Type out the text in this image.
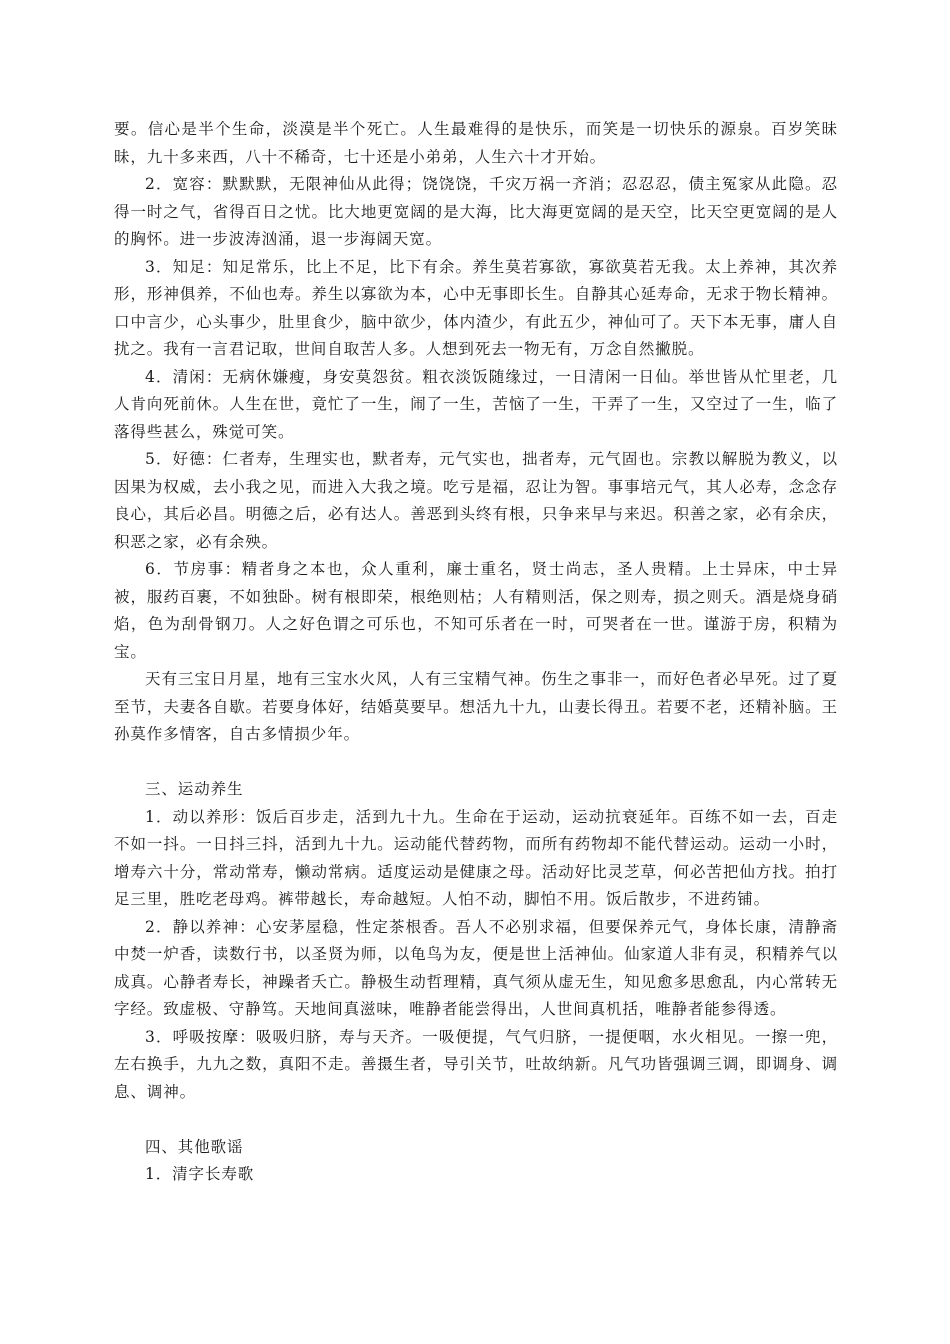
要。信心是半个生命，淡漠是半个死亡。人生最难得的是快乐，而笑是一切快乐的源泉。百岁笑昧昧，九十多来西，八十不稀奇，七十还是小弟弟，人生六十才开始。

2．宽容：默默默，无限神仙从此得；饶饶饶，千灾万祸一齐消；忍忍忍，债主冤家从此隐。忍得一时之气，省得百日之忧。比大地更宽阔的是大海，比大海更宽阔的是天空，比天空更宽阔的是人的胸怀。进一步波涛汹涌，退一步海阔天宽。

3．知足：知足常乐，比上不足，比下有余。养生莫若寡欲，寡欲莫若无我。太上养神，其次养形，形神俱养，不仙也寿。养生以寡欲为本，心中无事即长生。自静其心延寿命，无求于物长精神。口中言少，心头事少，肚里食少，脑中欲少，体内渣少，有此五少，神仙可了。天下本无事，庸人自扰之。我有一言君记取，世间自取苦人多。人想到死去一物无有，万念自然撇脱。

4．清闲：无病休嫌瘦，身安莫怨贫。粗衣淡饭随缘过，一日清闲一日仙。举世皆从忙里老，几人肯向死前休。人生在世，竟忙了一生，闹了一生，苦恼了一生，干弄了一生，又空过了一生，临了落得些甚么，殊觉可笑。

5．好德：仁者寿，生理实也，默者寿，元气实也，拙者寿，元气固也。宗教以解脱为教义，以因果为权威，去小我之见，而进入大我之境。吃亏是福，忍让为智。事事培元气，其人必寿，念念存良心，其后必昌。明德之后，必有达人。善恶到头终有根，只争来早与来迟。积善之家，必有余庆，积恶之家，必有余殃。

6．节房事：精者身之本也，众人重利，廉士重名，贤士尚志，圣人贵精。上士异床，中士异被，服药百裹，不如独卧。树有根即荣，根绝则枯；人有精则活，保之则寿，损之则夭。酒是烧身硝焰，色为刮骨钢刀。人之好色谓之可乐也，不知可乐者在一时，可哭者在一世。谨游于房，积精为宝。

天有三宝日月星，地有三宝水火风，人有三宝精气神。伤生之事非一，而好色者必早死。过了夏至节，夫妻各自歇。若要身体好，结婚莫要早。想活九十九，山妻长得丑。若要不老，还精补脑。王孙莫作多情客，自古多情损少年。

三、运动养生

1．动以养形：饭后百步走，活到九十九。生命在于运动，运动抗衰延年。百练不如一去，百走不如一抖。一日抖三抖，活到九十九。运动能代替药物，而所有药物却不能代替运动。运动一小时，增寿六十分，常动常寿，懒动常病。适度运动是健康之母。活动好比灵芝草，何必苦把仙方找。拍打足三里，胜吃老母鸡。裤带越长，寿命越短。人怕不动，脚怕不用。饭后散步，不进药铺。

2．静以养神：心安茅屋稳，性定茶根香。吾人不必别求福，但要保养元气，身体长康，清静斋中焚一炉香，读数行书，以圣贤为师，以龟鸟为友，便是世上活神仙。仙家道人非有灵，积精养气以成真。心静者寿长，神躁者夭亡。静极生动哲理精，真气须从虚无生，知见愈多思愈乱，内心常转无字经。致虚极、守静笃。天地间真滋味，唯静者能尝得出，人世间真机括，唯静者能参得透。

3．呼吸按摩：吸吸归脐，寿与天齐。一吸便提，气气归脐，一提便咽，水火相见。一擦一兜，左右换手，九九之数，真阳不走。善摄生者，导引关节，吐故纳新。凡气功皆强调三调，即调身、调息、调神。

四、其他歌谣

1．清字长寿歌
